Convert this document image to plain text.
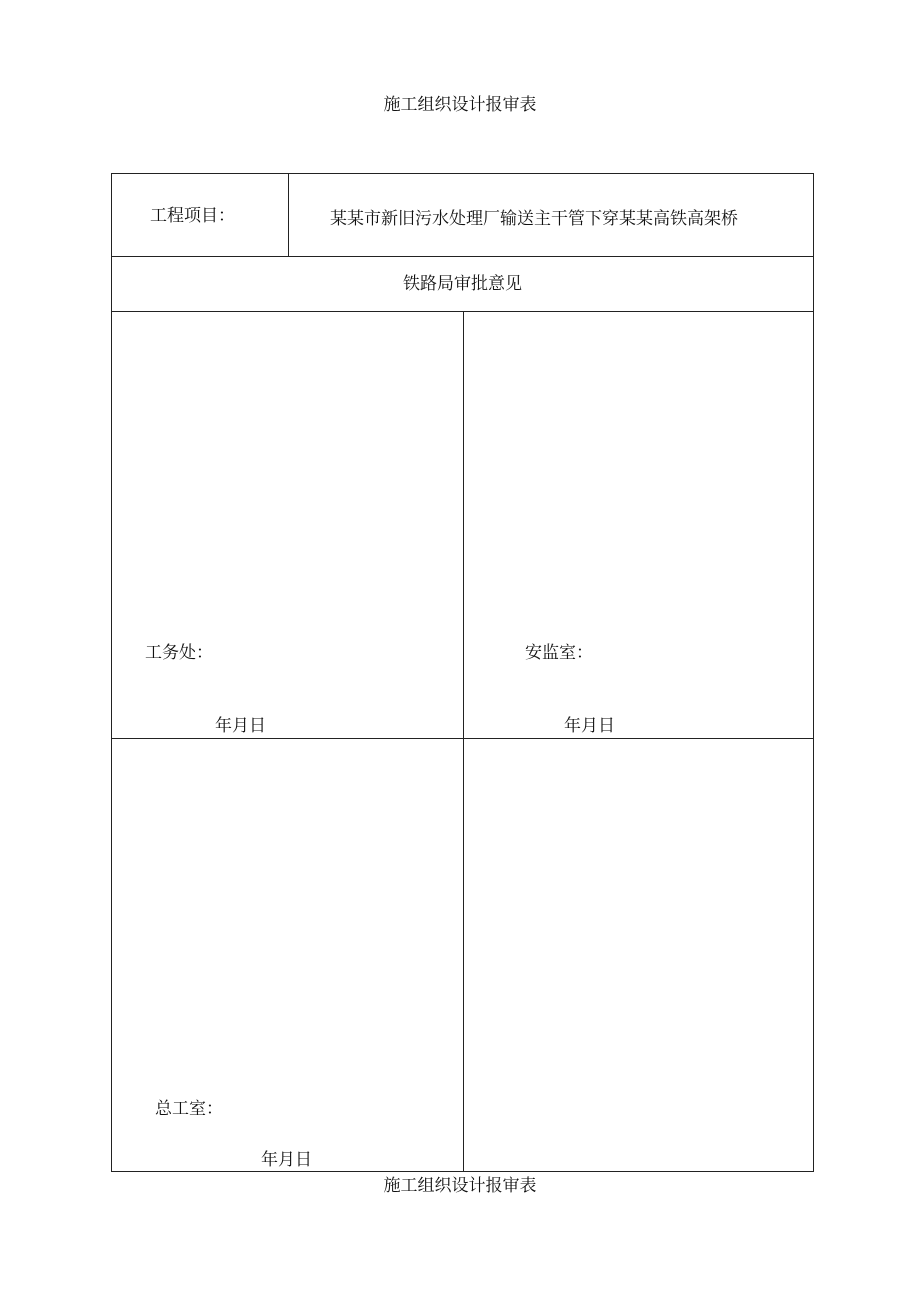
施工组织设计报审表
工程项目：	某某市新旧污水处理厂输送主干管下穿某某高铁高架桥
铁路局审批意见
工务处：
年月日
安监室：
年月日
总工室：
年月日
施工组织设计报审表
